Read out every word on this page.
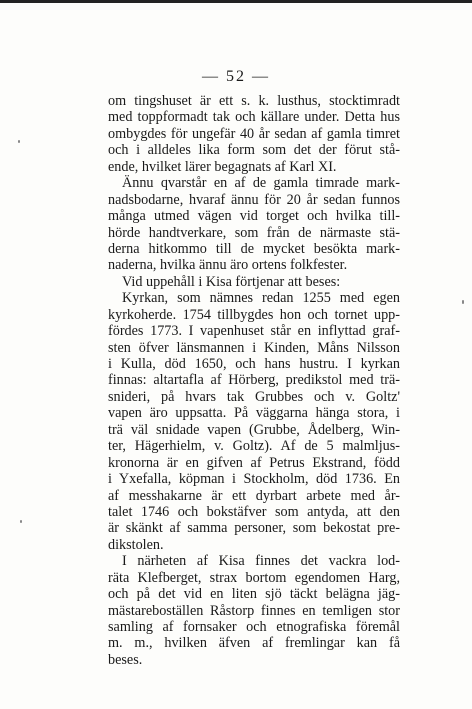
— 52 —
om tingshuset är ett s. k. lusthus, stocktimradt
med toppformadt tak och källare under. Detta hus
ombygdes för ungefär 40 år sedan af gamla timret
och i alldeles lika form som det der förut stå-
ende, hvilket lärer begagnats af Karl XI.
Ännu qvarstår en af de gamla timrade mark-
nadsbodarne, hvaraf ännu för 20 år sedan funnos
många utmed vägen vid torget och hvilka till-
hörde handtverkare, som från de närmaste stä-
derna hitkommo till de mycket besökta mark-
naderna, hvilka ännu äro ortens folkfester.
Vid uppehåll i Kisa förtjenar att beses:
Kyrkan, som nämnes redan 1255 med egen
kyrkoherde. 1754 tillbygdes hon och tornet upp-
fördes 1773. I vapenhuset står en inflyttad graf-
sten öfver länsmannen i Kinden, Måns Nilsson
i Kulla, död 1650, och hans hustru. I kyrkan
finnas: altartafla af Hörberg, predikstol med trä-
snideri, på hvars tak Grubbes och v. Goltz'
vapen äro uppsatta. På väggarna hänga stora, i
trä väl snidade vapen (Grubbe, Ådelberg, Win-
ter, Hägerhielm, v. Goltz). Af de 5 malmljus-
kronorna är en gifven af Petrus Ekstrand, född
i Yxefalla, köpman i Stockholm, död 1736. En
af messhakarne är ett dyrbart arbete med år-
talet 1746 och bokstäfver som antyda, att den
är skänkt af samma personer, som bekostat pre-
dikstolen.
I närheten af Kisa finnes det vackra lod-
räta Klefberget, strax bortom egendomen Harg,
och på det vid en liten sjö täckt belägna jäg-
mästareboställen Råstorp finnes en temligen stor
samling af fornsaker och etnografiska föremål
m. m., hvilken äfven af fremlingar kan få
beses.
